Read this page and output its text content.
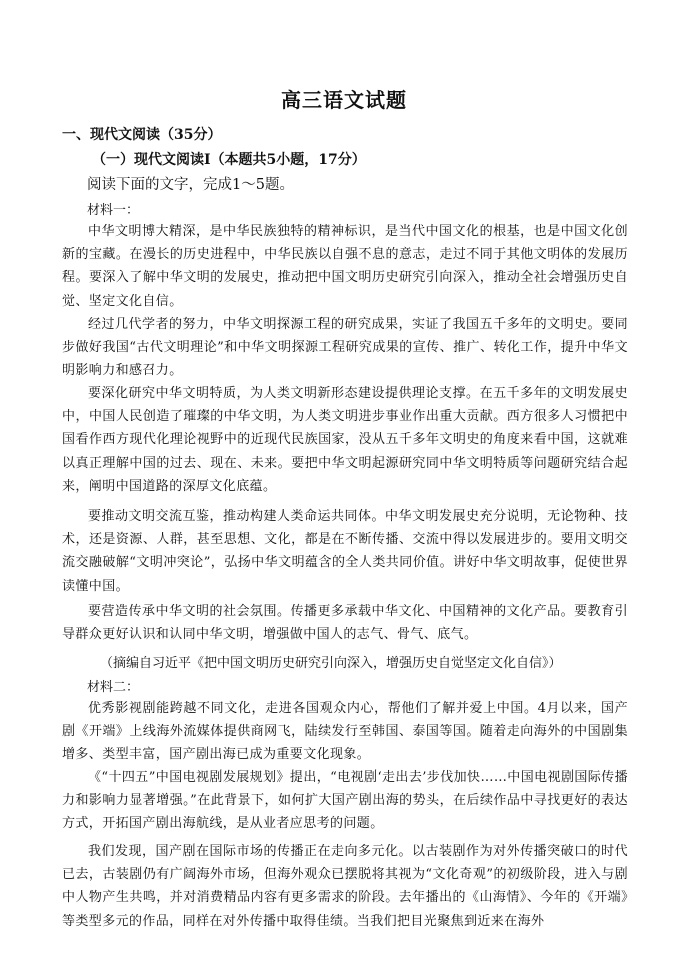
高三语文试题
一、现代文阅读（35分）
（一）现代文阅读Ⅰ（本题共5小题，17分）
阅读下面的文字，完成1～5题。
材料一：

中华文明博大精深，是中华民族独特的精神标识，是当代中国文化的根基，也是中国文化创新的宝藏。在漫长的历史进程中，中华民族以自强不息的意志，走过不同于其他文明体的发展历程。要深入了解中华文明的发展史，推动把中国文明历史研究引向深入，推动全社会增强历史自觉、坚定文化自信。

经过几代学者的努力，中华文明探源工程的研究成果，实证了我国五千多年的文明史。要同步做好我国“古代文明理论”和中华文明探源工程研究成果的宣传、推广、转化工作，提升中华文明影响力和感召力。

要深化研究中华文明特质，为人类文明新形态建设提供理论支撑。在五千多年的文明发展史中，中国人民创造了璀璨的中华文明，为人类文明进步事业作出重大贡献。西方很多人习惯把中国看作西方现代化理论视野中的近现代民族国家，没从五千多年文明史的角度来看中国，这就难以真正理解中国的过去、现在、未来。要把中华文明起源研究同中华文明特质等问题研究结合起来，阐明中国道路的深厚文化底蕴。

要推动文明交流互鉴，推动构建人类命运共同体。中华文明发展史充分说明，无论物种、技术，还是资源、人群，甚至思想、文化，都是在不断传播、交流中得以发展进步的。要用文明交流交融破解“文明冲突论”，弘扬中华文明蕴含的全人类共同价值。讲好中华文明故事，促使世界读懂中国。

要营造传承中华文明的社会氛围。传播更多承载中华文化、中国精神的文化产品。要教育引导群众更好认识和认同中华文明，增强做中国人的志气、骨气、底气。

（摘编自习近平《把中国文明历史研究引向深入，增强历史自觉坚定文化自信》）
材料二：

优秀影视剧能跨越不同文化，走进各国观众内心，帮他们了解并爱上中国。4月以来，国产剧《开端》上线海外流媒体提供商网飞，陆续发行至韩国、泰国等国。随着走向海外的中国剧集增多、类型丰富，国产剧出海已成为重要文化现象。

《“十四五”中国电视剧发展规划》提出，“电视剧‘走出去’步伐加快……中国电视剧国际传播力和影响力显著增强。”在此背景下，如何扩大国产剧出海的势头，在后续作品中寻找更好的表达方式，开拓国产剧出海航线，是从业者应思考的问题。

我们发现，国产剧在国际市场的传播正在走向多元化。以古装剧作为对外传播突破口的时代已去，古装剧仍有广阔海外市场，但海外观众已摆脱将其视为“文化奇观”的初级阶段，进入与剧中人物产生共鸣，并对消费精品内容有更多需求的阶段。去年播出的《山海情》、今年的《开端》等类型多元的作品，同样在对外传播中取得佳绩。当我们把目光聚焦到近来在海外
